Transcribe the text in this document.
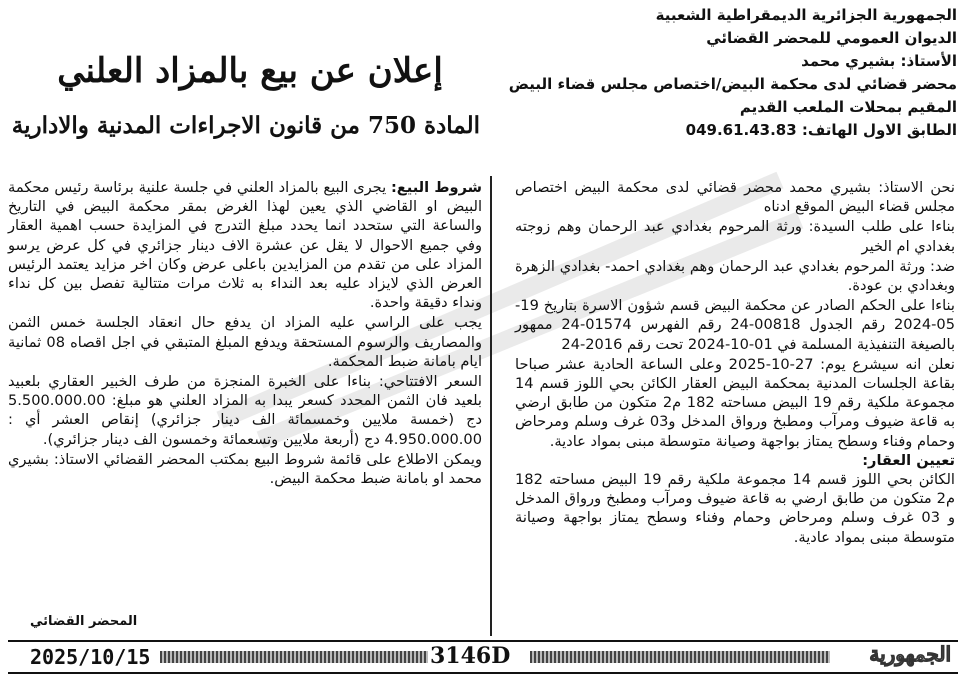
الجمهورية الجزائرية الديمقراطية الشعبية
الديوان العمومي للمحضر القضائي
الأستاذ: بشيري محمد
محضر قضائي لدى محكمة البيض/اختصاص مجلس قضاء البيض
المقيم بمحلات الملعب القديم
الطابق الاول الهاتف: 049.61.43.83
إعلان عن بيع بالمزاد العلني
المادة 750 من قانون الاجراءات المدنية والادارية

نحن الاستاذ: بشيري محمد محضر قضائي لدى محكمة البيض اختصاص مجلس قضاء البيض الموقع ادناه

بناءا على طلب السيدة: ورثة المرحوم بغدادي عبد الرحمان وهم زوجته بغدادي ام الخير

ضد: ورثة المرحوم بغدادي عبد الرحمان وهم بغدادي احمد- بغدادي الزهرة وبغدادي بن عودة.

بناءا على الحكم الصادر عن محكمة البيض قسم شؤون الاسرة بتاريخ 19-05-2024 رقم الجدول 00818-24 رقم الفهرس 01574-24 ممهور بالصيغة التنفيذية المسلمة في 01-10-2024 تحت رقم 2016-24

نعلن انه سيشرع يوم: 27-10-2025 وعلى الساعة الحادية عشر صباحا بقاعة الجلسات المدنية بمحكمة البيض العقار الكائن بحي اللوز قسم 14 مجموعة ملكية رقم 19 البيض مساحته 182 م2 متكون من طابق ارضي به قاعة ضيوف ومرآب ومطبخ ورواق المدخل و03 غرف وسلم ومرحاض وحمام وفناء وسطح يمتاز بواجهة وصيانة متوسطة مبنى بمواد عادية.

تعيين العقار:

الكائن بحي اللوز قسم 14 مجموعة ملكية رقم 19 البيض مساحته 182 م2 متكون من طابق ارضي به قاعة ضيوف ومرآب ومطبخ ورواق المدخل و 03 غرف وسلم ومرحاض وحمام وفناء وسطح يمتاز بواجهة وصيانة متوسطة مبنى بمواد عادية.

شروط البيع: يجرى البيع بالمزاد العلني في جلسة علنية برئاسة رئيس محكمة البيض او القاضي الذي يعين لهذا الغرض بمقر محكمة البيض في التاريخ والساعة التي ستحدد انما يحدد مبلغ التدرج في المزايدة حسب اهمية العقار وفي جميع الاحوال لا يقل عن عشرة الاف دينار جزائري في كل عرض يرسو المزاد على من تقدم من المزايدين باعلى عرض وكان اخر مزايد يعتمد الرئيس العرض الذي لايزاد عليه بعد النداء به ثلاث مرات متتالية تفصل بين كل نداء ونداء دقيقة واحدة.

يجب على الراسي عليه المزاد ان يدفع حال انعقاد الجلسة خمس الثمن والمصاريف والرسوم المستحقة ويدفع المبلغ المتبقي في اجل اقصاه 08 ثمانية ايام بامانة ضبط المحكمة.

السعر الافتتاحي: بناءا على الخبرة المنجزة من طرف الخبير العقاري بلعبيد بلعيد فان الثمن المحدد كسعر يبدا به المزاد العلني هو مبلغ: 5.500.000.00 دج (خمسة ملايين وخمسمائة الف دينار جزائري) إنقاص العشر أي : 4.950.000.00 دج (أربعة ملايين وتسعمائة وخمسون الف دينار جزائري).

ويمكن الاطلاع على قائمة شروط البيع بمكتب المحضر القضائي الاستاذ: بشيري محمد او بامانة ضبط محكمة البيض.

المحضر القضائي
2025/10/15	3146D	الجمهورية
